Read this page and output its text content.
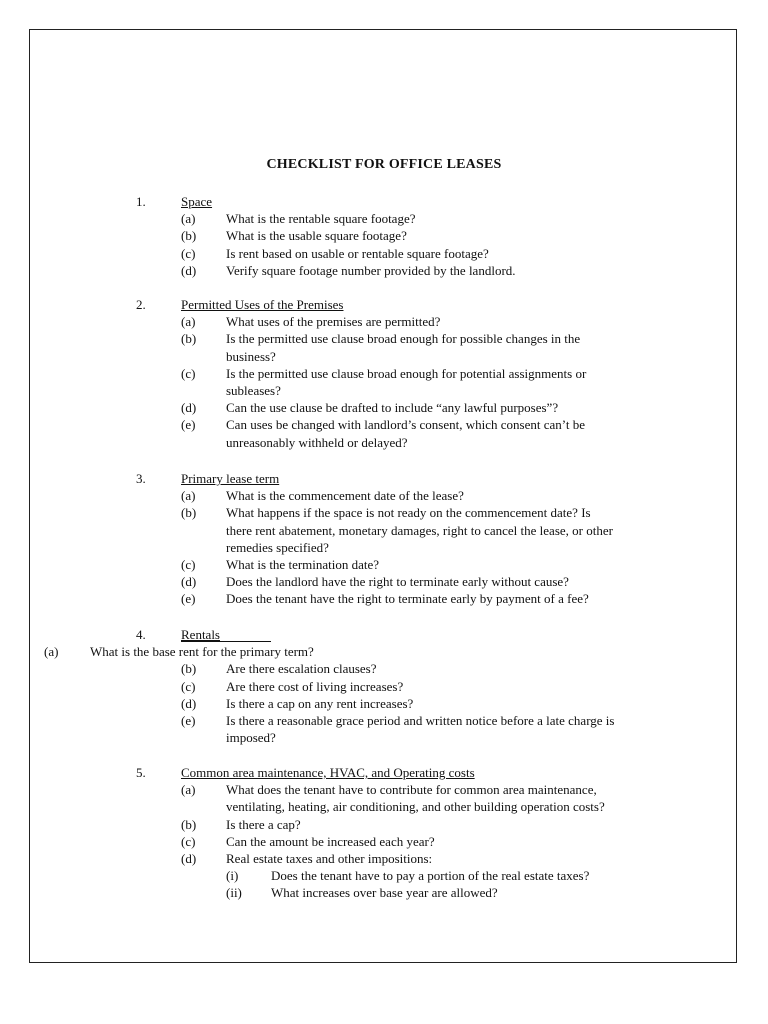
CHECKLIST FOR OFFICE LEASES
1.	Space
(a) What is the rentable square footage?
(b) What is the usable square footage?
(c) Is rent based on usable or rentable square footage?
(d) Verify square footage number provided by the landlord.
2.	Permitted Uses of the Premises
(a) What uses of the premises are permitted?
(b) Is the permitted use clause broad enough for possible changes in the
business?
(c) Is the permitted use clause broad enough for potential assignments or
subleases?
(d) Can the use clause be drafted to include “any lawful purposes”?
(e) Can uses be changed with landlord’s consent, which consent can’t be
unreasonably withheld or delayed?
3.	Primary lease term
(a) What is the commencement date of the lease?
(b) What happens if the space is not ready on the commencement date? Is
there rent abatement, monetary damages, right to cancel the lease, or other
remedies specified?
(c) What is the termination date?
(d) Does the landlord have the right to terminate early without cause?
(e) Does the tenant have the right to terminate early by payment of a fee?
4.	Rentals
(a) What is the base rent for the primary term?
(b) Are there escalation clauses?
(c) Are there cost of living increases?
(d) Is there a cap on any rent increases?
(e) Is there a reasonable grace period and written notice before a late charge is
imposed?
5.	Common area maintenance, HVAC, and Operating costs
(a) What does the tenant have to contribute for common area maintenance,
ventilating, heating, air conditioning, and other building operation costs?
(b) Is there a cap?
(c) Can the amount be increased each year?
(d) Real estate taxes and other impositions:
(i)	Does the tenant have to pay a portion of the real estate taxes?
(ii) What increases over base year are allowed?
